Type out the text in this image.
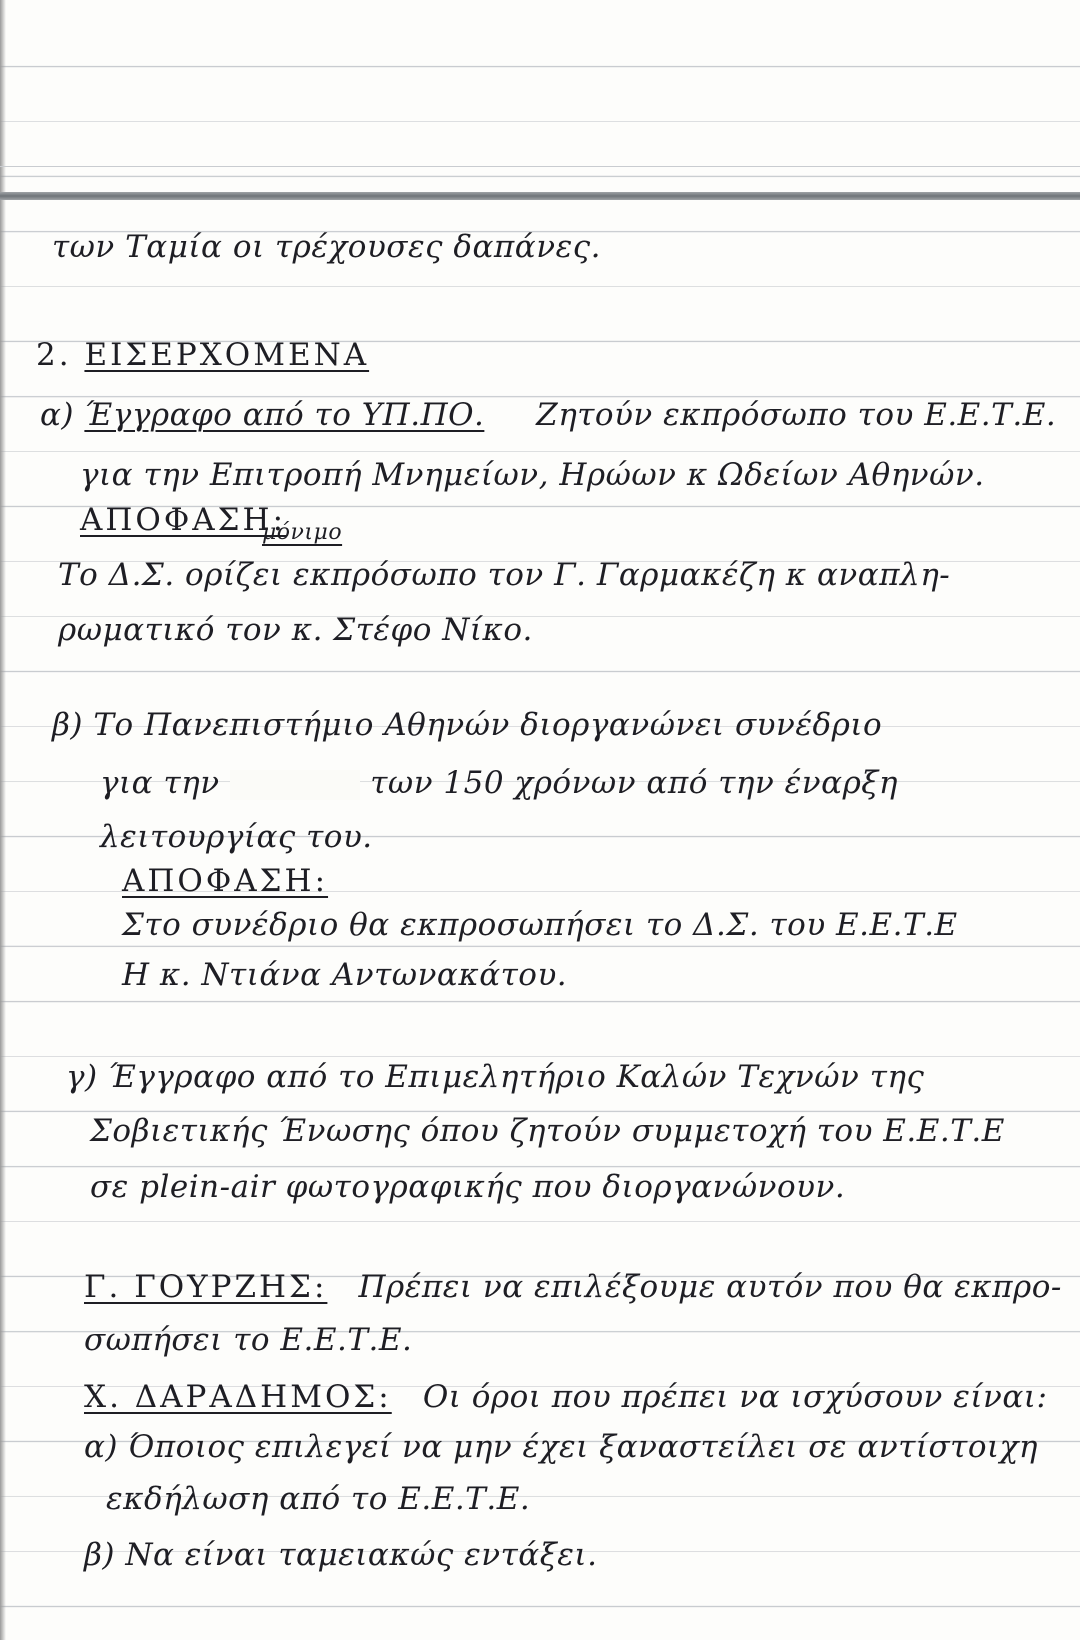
των Ταμία οι τρέχουσες δαπάνες.
2. ΕΙΣΕΡΧΟΜΕΝΑ
α) Έγγραφο από το ΥΠ.ΠΟ. Ζητούν εκπρόσωπο του Ε.Ε.Τ.Ε.
για την Επιτροπή Μνημείων, Ηρώων κ Ωδείων Αθηνών.
ΑΠΟΦΑΣΗ:
μόνιμο
Το Δ.Σ. ορίζει εκπρόσωπο τον Γ. Γαρμακέζη κ αναπλη-
ρωματικό τον κ. Στέφο Νίκο.
β) Το Πανεπιστήμιο Αθηνών διοργανώνει συνέδριο
για την	των 150 χρόνων από την έναρξη
λειτουργίας του.
ΑΠΟΦΑΣΗ:
Στο συνέδριο θα εκπροσωπήσει το Δ.Σ. του Ε.Ε.Τ.Ε
Η κ. Ντιάνα Αντωνακάτου.
γ) Έγγραφο από το Επιμελητήριο Καλών Τεχνών της
Σοβιετικής Ένωσης όπου ζητούν συμμετοχή του Ε.Ε.Τ.Ε
σε plein-air φωτογραφικής που διοργανώνουν.
Γ. ΓΟΥΡΖΗΣ: Πρέπει να επιλέξουμε αυτόν που θα εκπρο-
σωπήσει το Ε.Ε.Τ.Ε.
Χ. ΔΑΡΑΔΗΜΟΣ: Οι όροι που πρέπει να ισχύσουν είναι:
α) Όποιος επιλεγεί να μην έχει ξαναστείλει σε αντίστοιχη
εκδήλωση από το Ε.Ε.Τ.Ε.
β) Να είναι ταμειακώς εντάξει.
